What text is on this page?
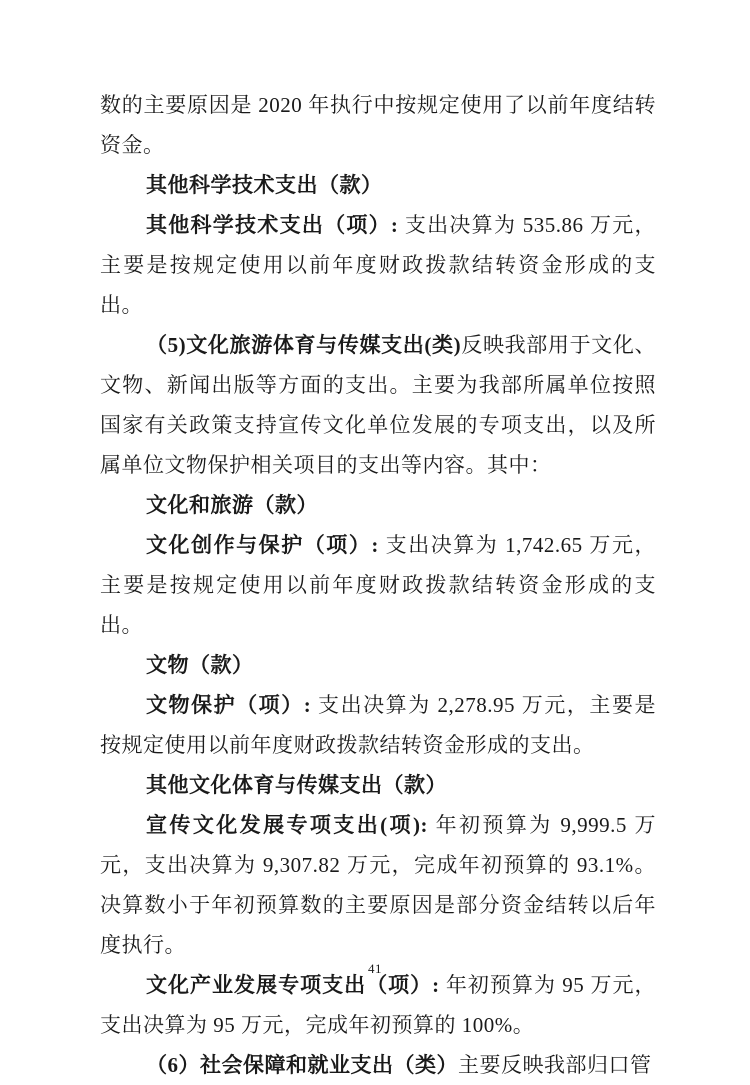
数的主要原因是 2020 年执行中按规定使用了以前年度结转资金。

其他科学技术支出（款）

其他科学技术支出（项）: 支出决算为 535.86 万元，主要是按规定使用以前年度财政拨款结转资金形成的支出。

（5)文化旅游体育与传媒支出(类)反映我部用于文化、文物、新闻出版等方面的支出。主要为我部所属单位按照国家有关政策支持宣传文化单位发展的专项支出，以及所属单位文物保护相关项目的支出等内容。其中：

文化和旅游（款）

文化创作与保护（项）: 支出决算为 1,742.65 万元，主要是按规定使用以前年度财政拨款结转资金形成的支出。

文物（款）

文物保护（项）: 支出决算为 2,278.95 万元，主要是按规定使用以前年度财政拨款结转资金形成的支出。

其他文化体育与传媒支出（款）

宣传文化发展专项支出(项): 年初预算为 9,999.5 万元，支出决算为 9,307.82 万元，完成年初预算的 93.1%。决算数小于年初预算数的主要原因是部分资金结转以后年度执行。

文化产业发展专项支出（项）: 年初预算为 95 万元，支出决算为 95 万元，完成年初预算的 100%。

（6）社会保障和就业支出（类）主要反映我部归口管

41
